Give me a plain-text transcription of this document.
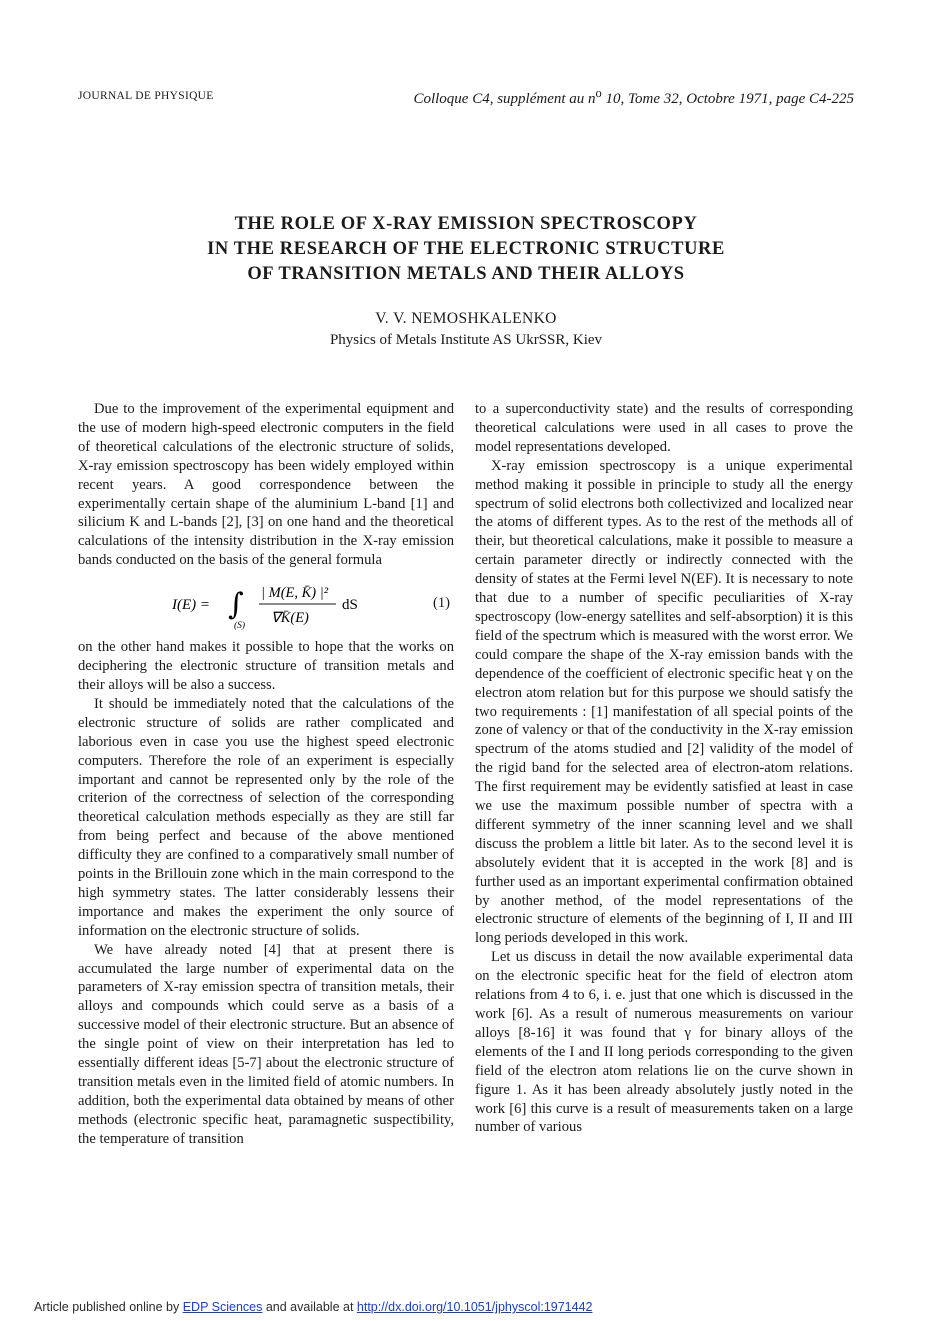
JOURNAL DE PHYSIQUE	Colloque C4, supplément au $n^o$ 10, Tome 32, Octobre 1971, page C4-225
THE ROLE OF X-RAY EMISSION SPECTROSCOPY
IN THE RESEARCH OF THE ELECTRONIC STRUCTURE
OF TRANSITION METALS AND THEIR ALLOYS
V. V. NEMOSHKALENKO
Physics of Metals Institute AS UkrSSR, Kiev

Due to the improvement of the experimental equipment and the use of modern high-speed electronic computers in the field of theoretical calculations of the electronic structure of solids, X-ray emission spectroscopy has been widely employed within recent years. A good correspondence between the experimentally certain shape of the aluminium L-band [1] and silicium K and L-bands [2], [3] on one hand and the theoretical calculations of the intensity distribution in the X-ray emission bands conducted on the basis of the general formula

I(E) = ∫
(S)
| M(E, K̄) |²
∇K̄(E)
dS	(1)

on the other hand makes it possible to hope that the works on deciphering the electronic structure of transition metals and their alloys will be also a success.

It should be immediately noted that the calculations of the electronic structure of solids are rather complicated and laborious even in case you use the highest speed electronic computers. Therefore the role of an experiment is especially important and cannot be represented only by the role of the criterion of the correctness of selection of the corresponding theoretical calculation methods especially as they are still far from being perfect and because of the above mentioned difficulty they are confined to a comparatively small number of points in the Brillouin zone which in the main correspond to the high symmetry states. The latter considerably lessens their importance and makes the experiment the only source of information on the electronic structure of solids.

We have already noted [4] that at present there is accumulated the large number of experimental data on the parameters of X-ray emission spectra of transition metals, their alloys and compounds which could serve as a basis of a successive model of their electronic structure. But an absence of the single point of view on their interpretation has led to essentially different ideas [5-7] about the electronic structure of transition metals even in the limited field of atomic numbers. In addition, both the experimental data obtained by means of other methods (electronic specific heat, paramagnetic suspectibility, the temperature of transition

to a superconductivity state) and the results of corresponding theoretical calculations were used in all cases to prove the model representations developed.

X-ray emission spectroscopy is a unique experimental method making it possible in principle to study all the energy spectrum of solid electrons both collectivized and localized near the atoms of different types. As to the rest of the methods all of their, but theoretical calculations, make it possible to measure a certain parameter directly or indirectly connected with the density of states at the Fermi level N(EF). It is necessary to note that due to a number of specific peculiarities of X-ray spectroscopy (low-energy satellites and self-absorption) it is this field of the spectrum which is measured with the worst error. We could compare the shape of the X-ray emission bands with the dependence of the coefficient of electronic specific heat γ on the electron atom relation but for this purpose we should satisfy the two requirements : [1] manifestation of all special points of the zone of valency or that of the conductivity in the X-ray emission spectrum of the atoms studied and [2] validity of the model of the rigid band for the selected area of electron-atom relations. The first requirement may be evidently satisfied at least in case we use the maximum possible number of spectra with a different symmetry of the inner scanning level and we shall discuss the problem a little bit later. As to the second level it is absolutely evident that it is accepted in the work [8] and is further used as an important experimental confirmation obtained by another method, of the model representations of the electronic structure of elements of the beginning of I, II and III long periods developed in this work.

Let us discuss in detail the now available experimental data on the electronic specific heat for the field of electron atom relations from 4 to 6, i. e. just that one which is discussed in the work [6]. As a result of numerous measurements on variour alloys [8-16] it was found that γ for binary alloys of the elements of the I and II long periods corresponding to the given field of the electron atom relations lie on the curve shown in figure 1. As it has been already absolutely justly noted in the work [6] this curve is a result of measurements taken on a large number of various

Article published online by EDP Sciences and available at http://dx.doi.org/10.1051/jphyscol:1971442
